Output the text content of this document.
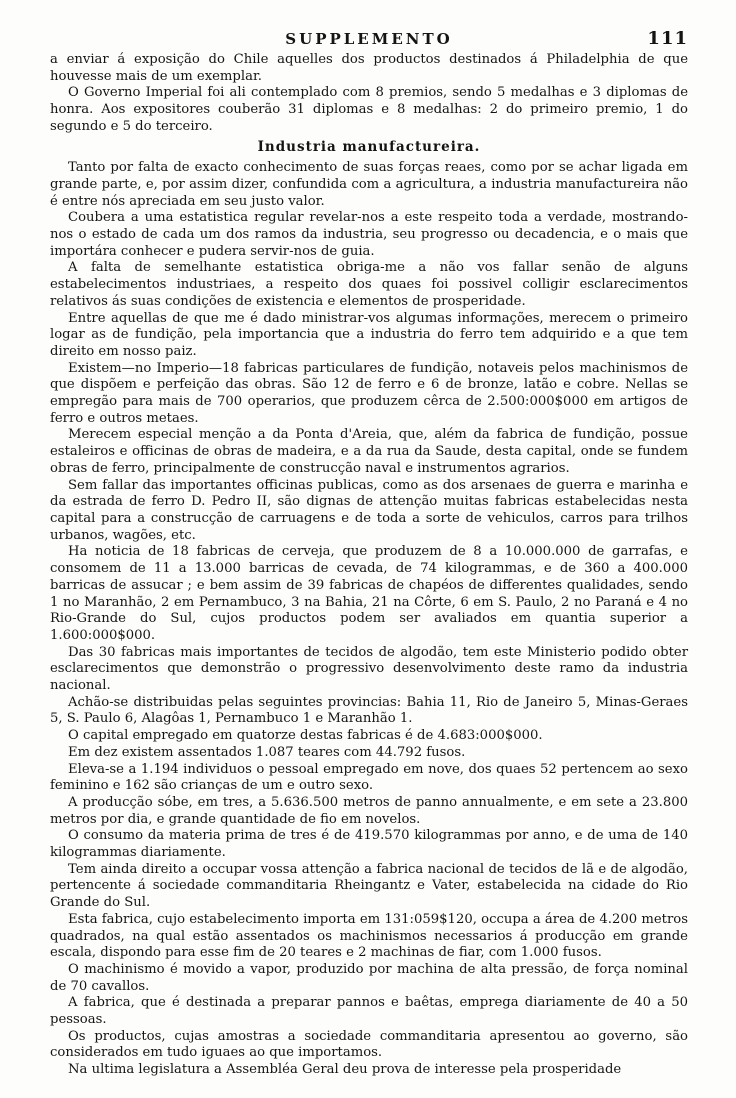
SUPPLEMENTO	111

a enviar á exposição do Chile aquelles dos productos destinados á Philadelphia de que houvesse mais de um exemplar.

O Governo Imperial foi ali contemplado com 8 premios, sendo 5 medalhas e 3 diplomas de honra. Aos expositores couberão 31 diplomas e 8 medalhas: 2 do primeiro premio, 1 do segundo e 5 do terceiro.

Industria manufactureira.

Tanto por falta de exacto conhecimento de suas forças reaes, como por se achar ligada em grande parte, e, por assim dizer, confundida com a agricultura, a industria manufactureira não é entre nós apreciada em seu justo valor.

Coubera a uma estatistica regular revelar-nos a este respeito toda a verdade, mostrando-nos o estado de cada um dos ramos da industria, seu progresso ou decadencia, e o mais que importára conhecer e pudera servir-nos de guia.

A falta de semelhante estatistica obriga-me a não vos fallar senão de alguns estabelecimentos industriaes, a respeito dos quaes foi possivel colligir esclarecimentos relativos ás suas condições de existencia e elementos de prosperidade.

Entre aquellas de que me é dado ministrar-vos algumas informações, merecem o primeiro logar as de fundição, pela importancia que a industria do ferro tem adquirido e a que tem direito em nosso paiz.

Existem—no Imperio—18 fabricas particulares de fundição, notaveis pelos machinismos de que dispõem e perfeição das obras. São 12 de ferro e 6 de bronze, latão e cobre. Nellas se empregão para mais de 700 operarios, que produzem cêrca de 2.500:000$000 em artigos de ferro e outros metaes.

Merecem especial menção a da Ponta d'Areia, que, além da fabrica de fundição, possue estaleiros e officinas de obras de madeira, e a da rua da Saude, desta capital, onde se fundem obras de ferro, principalmente de construcção naval e instrumentos agrarios.

Sem fallar das importantes officinas publicas, como as dos arsenaes de guerra e marinha e da estrada de ferro D. Pedro II, são dignas de attenção muitas fabricas estabelecidas nesta capital para a construcção de carruagens e de toda a sorte de vehiculos, carros para trilhos urbanos, wagões, etc.

Ha noticia de 18 fabricas de cerveja, que produzem de 8 a 10.000.000 de garrafas, e consomem de 11 a 13.000 barricas de cevada, de 74 kilogrammas, e de 360 a 400.000 barricas de assucar ; e bem assim de 39 fabricas de chapéos de differentes qualidades, sendo 1 no Maranhão, 2 em Pernambuco, 3 na Bahia, 21 na Côrte, 6 em S. Paulo, 2 no Paraná e 4 no Rio-Grande do Sul, cujos productos podem ser avaliados em quantia superior a 1.600:000$000.

Das 30 fabricas mais importantes de tecidos de algodão, tem este Ministerio podido obter esclarecimentos que demonstrão o progressivo desenvolvimento deste ramo da industria nacional.

Achão-se distribuidas pelas seguintes provincias: Bahia 11, Rio de Janeiro 5, Minas-Geraes 5, S. Paulo 6, Alagôas 1, Pernambuco 1 e Maranhão 1.

O capital empregado em quatorze destas fabricas é de 4.683:000$000.

Em dez existem assentados 1.087 teares com 44.792 fusos.

Eleva-se a 1.194 individuos o pessoal empregado em nove, dos quaes 52 pertencem ao sexo feminino e 162 são crianças de um e outro sexo.

A producção sóbe, em tres, a 5.636.500 metros de panno annualmente, e em sete a 23.800 metros por dia, e grande quantidade de fio em novelos.

O consumo da materia prima de tres é de 419.570 kilogrammas por anno, e de uma de 140 kilogrammas diariamente.

Tem ainda direito a occupar vossa attenção a fabrica nacional de tecidos de lã e de algodão, pertencente á sociedade commanditaria Rheingantz e Vater, estabelecida na cidade do Rio Grande do Sul.

Esta fabrica, cujo estabelecimento importa em 131:059$120, occupa a área de 4.200 metros quadrados, na qual estão assentados os machinismos necessarios á producção em grande escala, dispondo para esse fim de 20 teares e 2 machinas de fiar, com 1.000 fusos.

O machinismo é movido a vapor, produzido por machina de alta pressão, de força nominal de 70 cavallos.

A fabrica, que é destinada a preparar pannos e baêtas, emprega diariamente de 40 a 50 pessoas.

Os productos, cujas amostras a sociedade commanditaria apresentou ao governo, são considerados em tudo iguaes ao que importamos.

Na ultima legislatura a Assembléa Geral deu prova de interesse pela prosperidade
